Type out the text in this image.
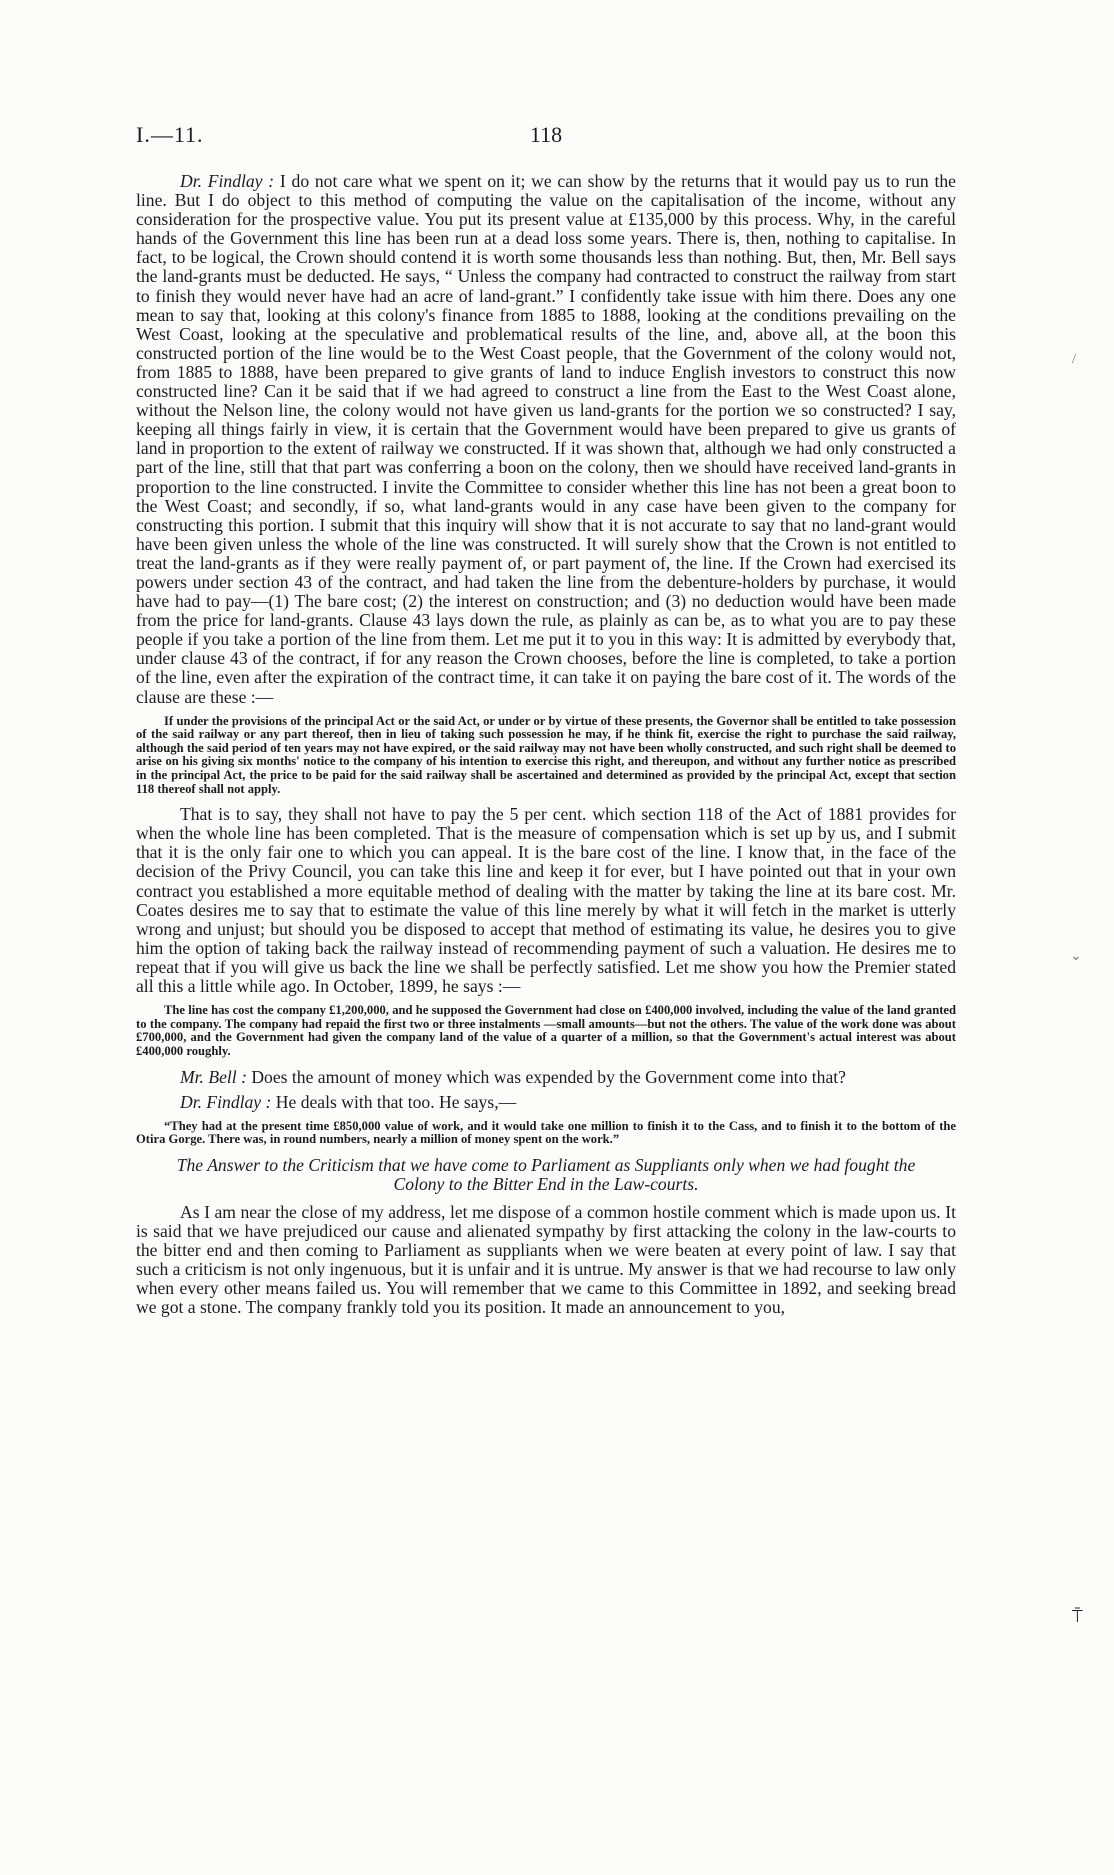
I.—11.	118

Dr. Findlay : I do not care what we spent on it; we can show by the returns that it would pay us to run the line. But I do object to this method of computing the value on the capitalisation of the income, without any consideration for the prospective value. You put its present value at £135,000 by this process. Why, in the careful hands of the Government this line has been run at a dead loss some years. There is, then, nothing to capitalise. In fact, to be logical, the Crown should contend it is worth some thousands less than nothing. But, then, Mr. Bell says the land-grants must be deducted. He says, “ Unless the company had contracted to construct the railway from start to finish they would never have had an acre of land-grant.” I confidently take issue with him there. Does any one mean to say that, looking at this colony's finance from 1885 to 1888, looking at the conditions prevailing on the West Coast, looking at the speculative and problematical results of the line, and, above all, at the boon this constructed portion of the line would be to the West Coast people, that the Government of the colony would not, from 1885 to 1888, have been prepared to give grants of land to induce English investors to construct this now constructed line? Can it be said that if we had agreed to construct a line from the East to the West Coast alone, without the Nelson line, the colony would not have given us land-grants for the portion we so constructed? I say, keeping all things fairly in view, it is certain that the Government would have been prepared to give us grants of land in proportion to the extent of railway we constructed. If it was shown that, although we had only constructed a part of the line, still that that part was conferring a boon on the colony, then we should have received land-grants in proportion to the line constructed. I invite the Committee to consider whether this line has not been a great boon to the West Coast; and secondly, if so, what land-grants would in any case have been given to the company for constructing this portion. I submit that this inquiry will show that it is not accurate to say that no land-grant would have been given unless the whole of the line was constructed. It will surely show that the Crown is not entitled to treat the land-grants as if they were really payment of, or part payment of, the line. If the Crown had exercised its powers under section 43 of the contract, and had taken the line from the debenture-holders by purchase, it would have had to pay—(1) The bare cost; (2) the interest on construction; and (3) no deduction would have been made from the price for land-grants. Clause 43 lays down the rule, as plainly as can be, as to what you are to pay these people if you take a portion of the line from them. Let me put it to you in this way: It is admitted by everybody that, under clause 43 of the contract, if for any reason the Crown chooses, before the line is completed, to take a portion of the line, even after the expiration of the contract time, it can take it on paying the bare cost of it. The words of the clause are these :—

If under the provisions of the principal Act or the said Act, or under or by virtue of these presents, the Governor shall be entitled to take possession of the said railway or any part thereof, then in lieu of taking such possession he may, if he think fit, exercise the right to purchase the said railway, although the said period of ten years may not have expired, or the said railway may not have been wholly constructed, and such right shall be deemed to arise on his giving six months' notice to the company of his intention to exercise this right, and thereupon, and without any further notice as prescribed in the principal Act, the price to be paid for the said railway shall be ascertained and determined as provided by the principal Act, except that section 118 thereof shall not apply.

That is to say, they shall not have to pay the 5 per cent. which section 118 of the Act of 1881 provides for when the whole line has been completed. That is the measure of compensation which is set up by us, and I submit that it is the only fair one to which you can appeal. It is the bare cost of the line. I know that, in the face of the decision of the Privy Council, you can take this line and keep it for ever, but I have pointed out that in your own contract you established a more equitable method of dealing with the matter by taking the line at its bare cost. Mr. Coates desires me to say that to estimate the value of this line merely by what it will fetch in the market is utterly wrong and unjust; but should you be disposed to accept that method of estimating its value, he desires you to give him the option of taking back the railway instead of recommending payment of such a valuation. He desires me to repeat that if you will give us back the line we shall be perfectly satisfied. Let me show you how the Premier stated all this a little while ago. In October, 1899, he says :—

The line has cost the company £1,200,000, and he supposed the Government had close on £400,000 involved, including the value of the land granted to the company. The company had repaid the first two or three instalments —small amounts—but not the others. The value of the work done was about £700,000, and the Government had given the company land of the value of a quarter of a million, so that the Government's actual interest was about £400,000 roughly.

Mr. Bell : Does the amount of money which was expended by the Government come into that?

Dr. Findlay : He deals with that too. He says,—

“They had at the present time £850,000 value of work, and it would take one million to finish it to the Cass, and to finish it to the bottom of the Otira Gorge. There was, in round numbers, nearly a million of money spent on the work.”

The Answer to the Criticism that we have come to Parliament as Suppliants only when we had fought the Colony to the Bitter End in the Law-courts.

As I am near the close of my address, let me dispose of a common hostile comment which is made upon us. It is said that we have prejudiced our cause and alienated sympathy by first attacking the colony in the law-courts to the bitter end and then coming to Parliament as suppliants when we were beaten at every point of law. I say that such a criticism is not only ingenuous, but it is unfair and it is untrue. My answer is that we had recourse to law only when every other means failed us. You will remember that we came to this Committee in 1892, and seeking bread we got a stone. The company frankly told you its position. It made an announcement to you,

/
⌄
⍑
